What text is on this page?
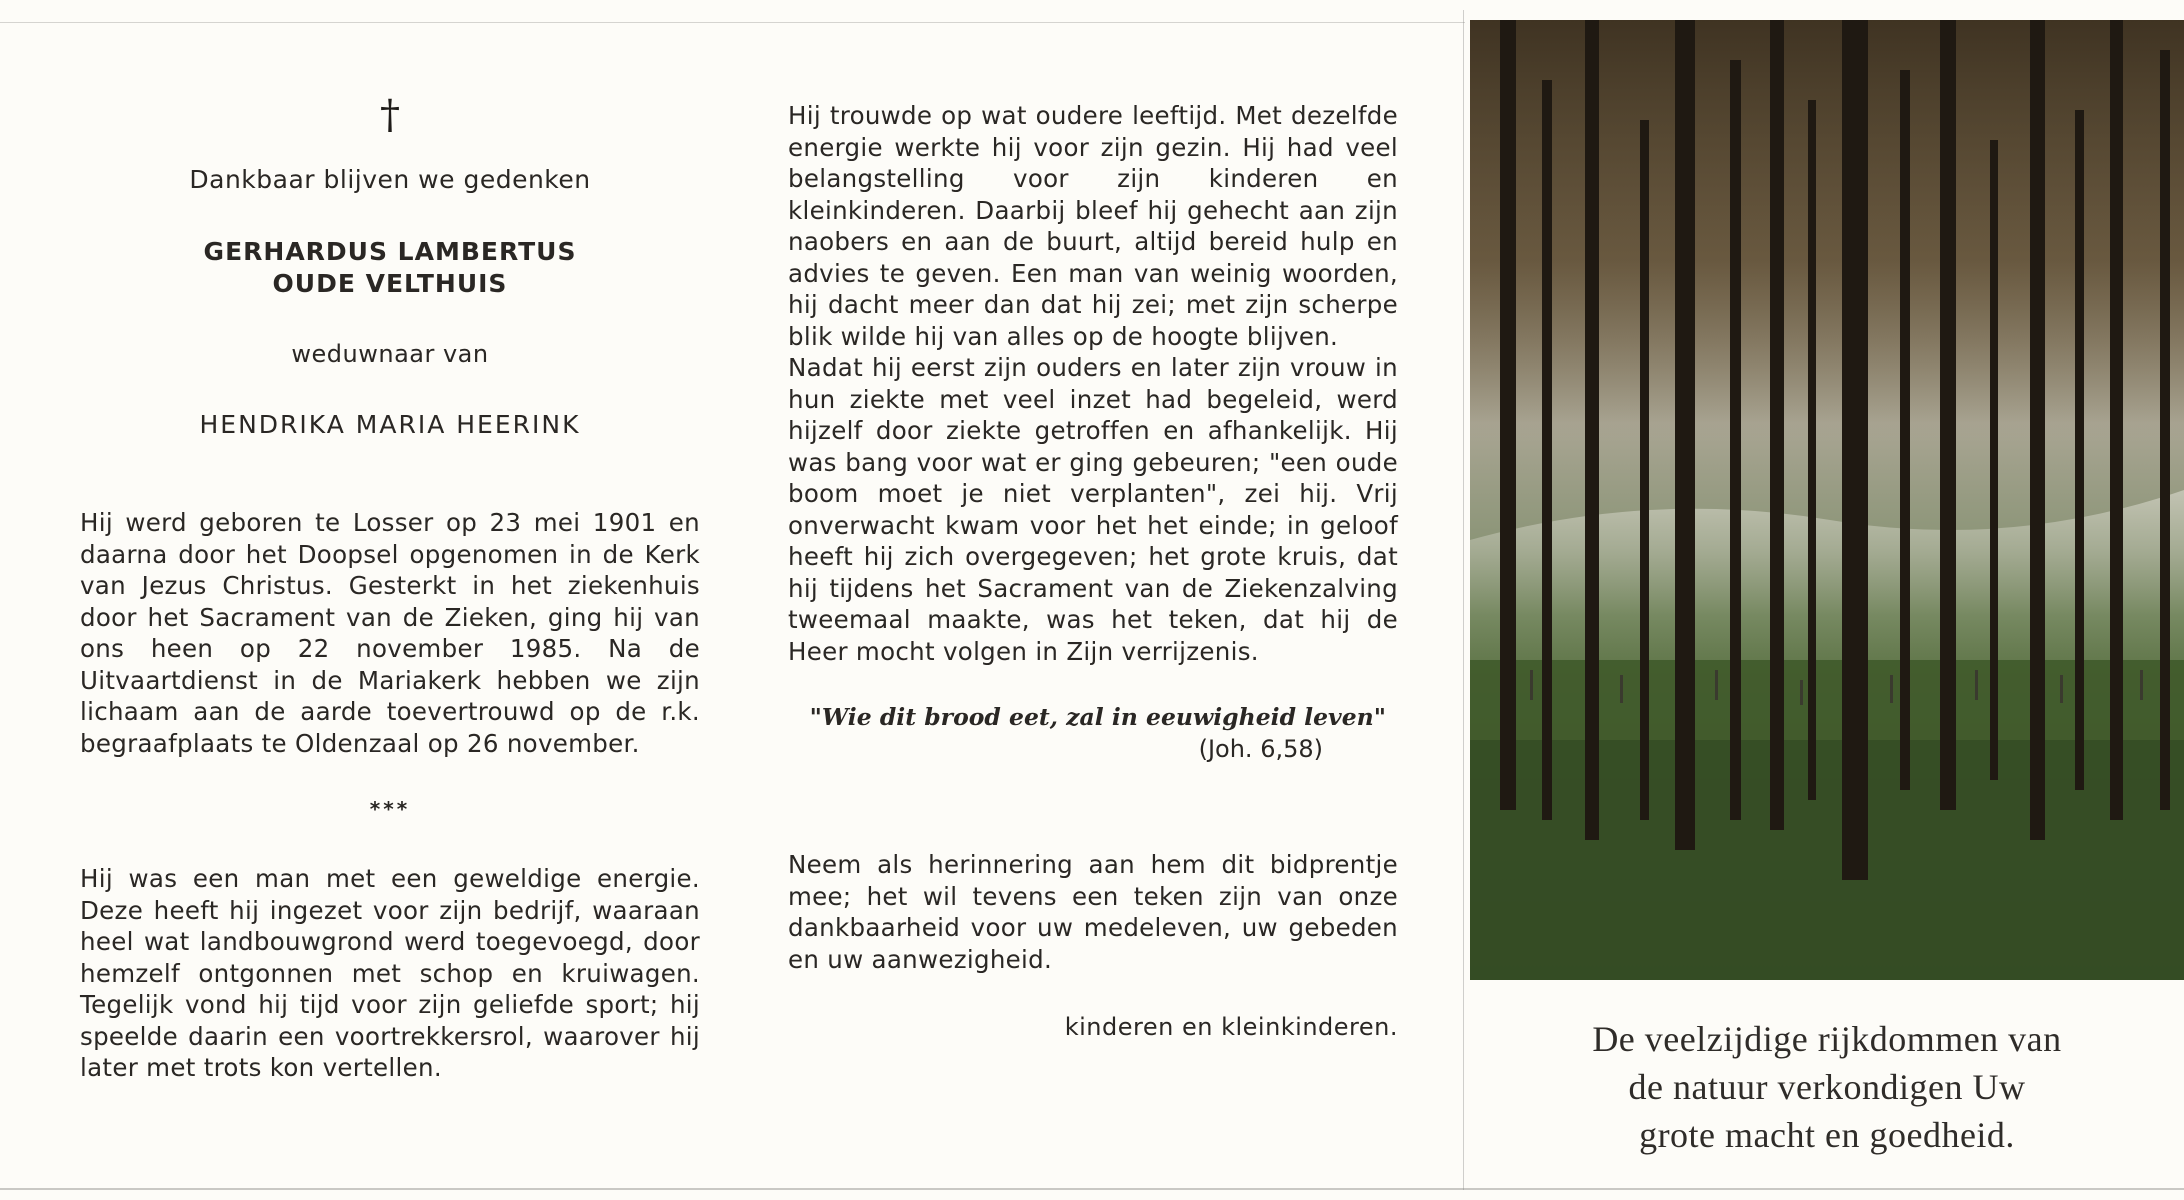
†
Dankbaar blijven we gedenken
GERHARDUS LAMBERTUS
OUDE VELTHUIS
weduwnaar van
HENDRIKA MARIA HEERINK

Hij werd geboren te Losser op 23 mei 1901 en daarna door het Doopsel opgenomen in de Kerk van Jezus Christus. Gesterkt in het ziekenhuis door het Sacrament van de Zieken, ging hij van ons heen op 22 november 1985. Na de Uitvaartdienst in de Mariakerk hebben we zijn lichaam aan de aarde toevertrouwd op de r.k. begraafplaats te Oldenzaal op 26 november.

***

Hij was een man met een geweldige energie. Deze heeft hij ingezet voor zijn bedrijf, waaraan heel wat landbouwgrond werd toegevoegd, door hemzelf ontgonnen met schop en kruiwagen. Tegelijk vond hij tijd voor zijn geliefde sport; hij speelde daarin een voortrekkersrol, waarover hij later met trots kon vertellen.

Hij trouwde op wat oudere leeftijd. Met dezelfde energie werkte hij voor zijn gezin. Hij had veel belangstelling voor zijn kinderen en kleinkinderen. Daarbij bleef hij gehecht aan zijn naobers en aan de buurt, altijd bereid hulp en advies te geven. Een man van weinig woorden, hij dacht meer dan dat hij zei; met zijn scherpe blik wilde hij van alles op de hoogte blijven.

Nadat hij eerst zijn ouders en later zijn vrouw in hun ziekte met veel inzet had begeleid, werd hijzelf door ziekte getroffen en afhankelijk. Hij was bang voor wat er ging gebeuren; "een oude boom moet je niet verplanten", zei hij. Vrij onverwacht kwam voor het het einde; in geloof heeft hij zich overgegeven; het grote kruis, dat hij tijdens het Sacrament van de Ziekenzalving tweemaal maakte, was het teken, dat hij de Heer mocht volgen in Zijn verrijzenis.

"Wie dit brood eet, zal in eeuwigheid leven"
(Joh. 6,58)

Neem als herinnering aan hem dit bidprentje mee; het wil tevens een teken zijn van onze dankbaarheid voor uw medeleven, uw gebeden en uw aanwezigheid.

kinderen en kleinkinderen.	De veelzijdige rijkdommen van
de natuur verkondigen Uw
grote macht en goedheid.
